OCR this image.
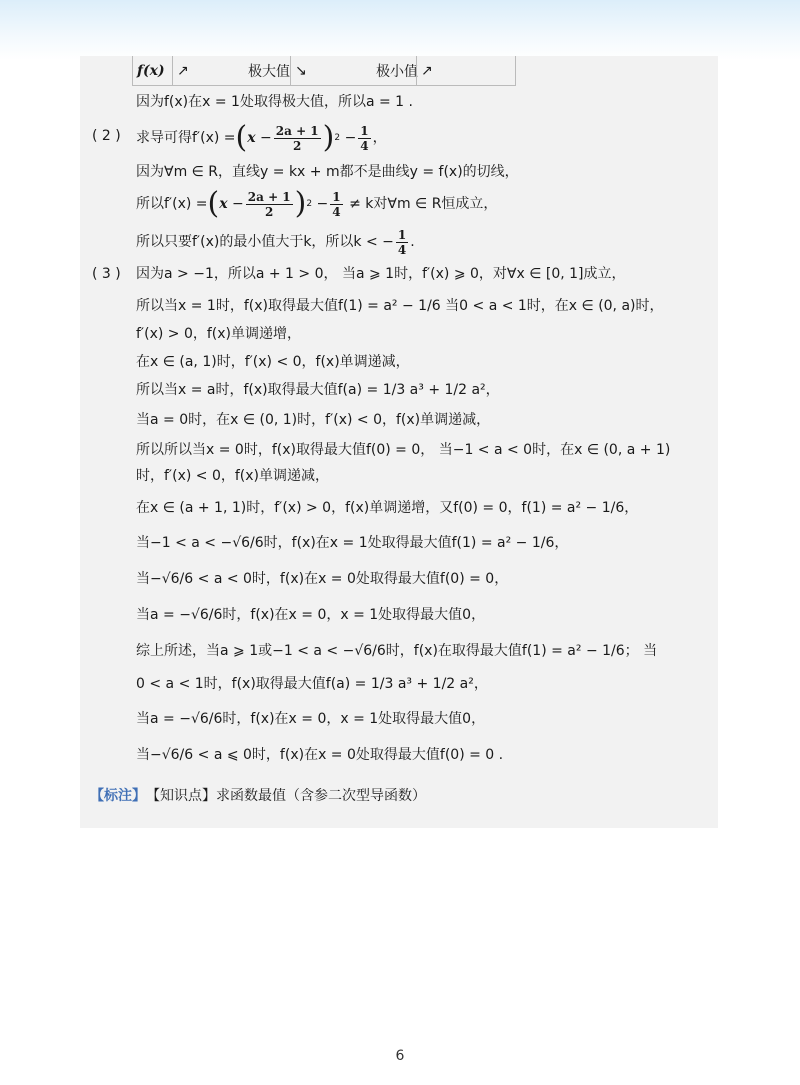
f(x) ↗	极大值 ↘	极小值 ↗
因为f(x)在x = 1处取得极大值，所以a = 1 .
( 2 ) 求导可得f′(x) = ( $x - \frac{2a + 1}{2}$ ) 2
− $\frac{1}{4}$ ，
因为∀m ∈ R，直线y = kx + m都不是曲线y = f(x)的切线，
所以f′(x) = ( $x - \frac{2a + 1}{2}$ ) $2 - \frac{1}{4}$
≠ k对∀m ∈ R恒成立，
所以只要f′(x)的最小值大于k，所以k < − $\frac{1}{4}$ .
( 3 ) 因为a > −1，所以a + 1 > 0， 当a ⩾ 1时，f′(x) ⩾ 0，对∀x ∈ [0, 1]成立，
所以当x = 1时，f(x)取得最大值f(1) = a² − 1/6 当0 < a < 1时，在x ∈ (0, a)时，
f′(x) > 0，f(x)单调递增，
在x ∈ (a, 1)时，f′(x) < 0，f(x)单调递减，
所以当x = a时，f(x)取得最大值f(a) = 1/3 a³ + 1/2 a²，
当a = 0时，在x ∈ (0, 1)时，f′(x) < 0，f(x)单调递减，
所以所以当x = 0时，f(x)取得最大值f(0) = 0， 当−1 < a < 0时，在x ∈ (0, a + 1)
时，f′(x) < 0，f(x)单调递减，
在x ∈ (a + 1, 1)时，f′(x) > 0，f(x)单调递增，又f(0) = 0，f(1) = a² − 1/6，
当−1 < a < −√6/6时，f(x)在x = 1处取得最大值f(1) = a² − 1/6，
当−√6/6 < a < 0时，f(x)在x = 0处取得最大值f(0) = 0，
当a = −√6/6时，f(x)在x = 0，x = 1处取得最大值0，
综上所述，当a ⩾ 1或−1 < a < −√6/6时，f(x)在取得最大值f(1) = a² − 1/6； 当
0 < a < 1时，f(x)取得最大值f(a) = 1/3 a³ + 1/2 a²，
当a = −√6/6时，f(x)在x = 0，x = 1处取得最大值0，
当−√6/6 < a ⩽ 0时，f(x)在x = 0处取得最大值f(0) = 0 .
【标注】 【知识点】求函数最值（含参二次型导函数）
6
